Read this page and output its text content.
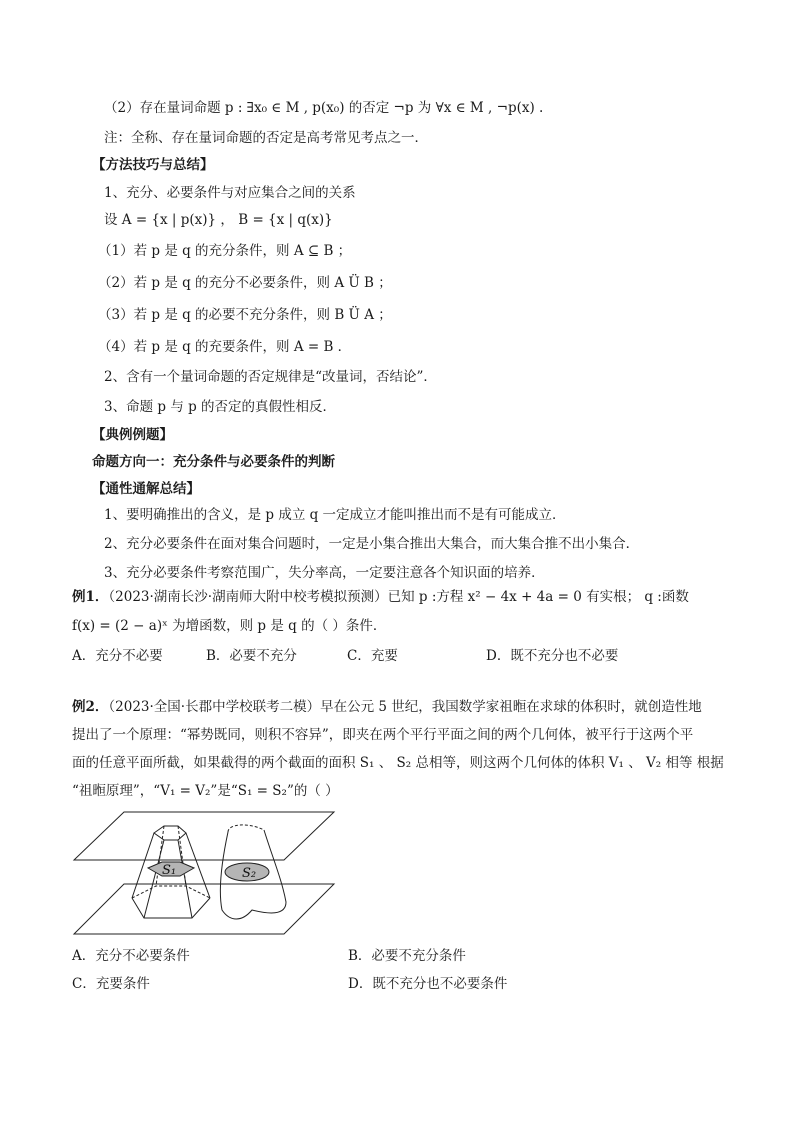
（2）存在量词命题 p : ∃x₀ ∈ M , p(x₀) 的否定 ¬p 为 ∀x ∈ M , ¬p(x) .
注：全称、存在量词命题的否定是高考常见考点之一．
【方法技巧与总结】
1、充分、必要条件与对应集合之间的关系
设 A = {x | p(x)} ， B = {x | q(x)}
（1）若 p 是 q 的充分条件，则 A ⊆ B ；
（2）若 p 是 q 的充分不必要条件，则 A Ü B ；
（3）若 p 是 q 的必要不充分条件，则 B Ü A ；
（4）若 p 是 q 的充要条件，则 A = B ．
2、含有一个量词命题的否定规律是“改量词，否结论”．
3、命题 p 与 p 的否定的真假性相反．
【典例例题】
命题方向一：充分条件与必要条件的判断
【通性通解总结】
1、要明确推出的含义，是 p 成立 q 一定成立才能叫推出而不是有可能成立．
2、充分必要条件在面对集合问题时，一定是小集合推出大集合，而大集合推不出小集合．
3、充分必要条件考察范围广，失分率高，一定要注意各个知识面的培养．
例1．（2023·湖南长沙·湖南师大附中校考模拟预测）已知 p :方程 x² − 4x + 4a = 0 有实根； q :函数
f(x) = (2 − a)ˣ 为增函数，则 p 是 q 的（ ）条件．
A．充分不必要	B．必要不充分	C．充要	D．既不充分也不必要
例2．（2023·全国·长郡中学校联考二模）早在公元 5 世纪，我国数学家祖暅在求球的体积时，就创造性地
提出了一个原理：“幂势既同，则积不容异”，即夹在两个平行平面之间的两个几何体，被平行于这两个平
面的任意平面所截，如果截得的两个截面的面积 S₁ 、 S₂ 总相等，则这两个几何体的体积 V₁ 、 V₂ 相等 根据
“祖暅原理”，“V₁ = V₂”是“S₁ = S₂”的（ ）
S₁	S₂
A．充分不必要条件	B．必要不充分条件
C．充要条件	D．既不充分也不必要条件
